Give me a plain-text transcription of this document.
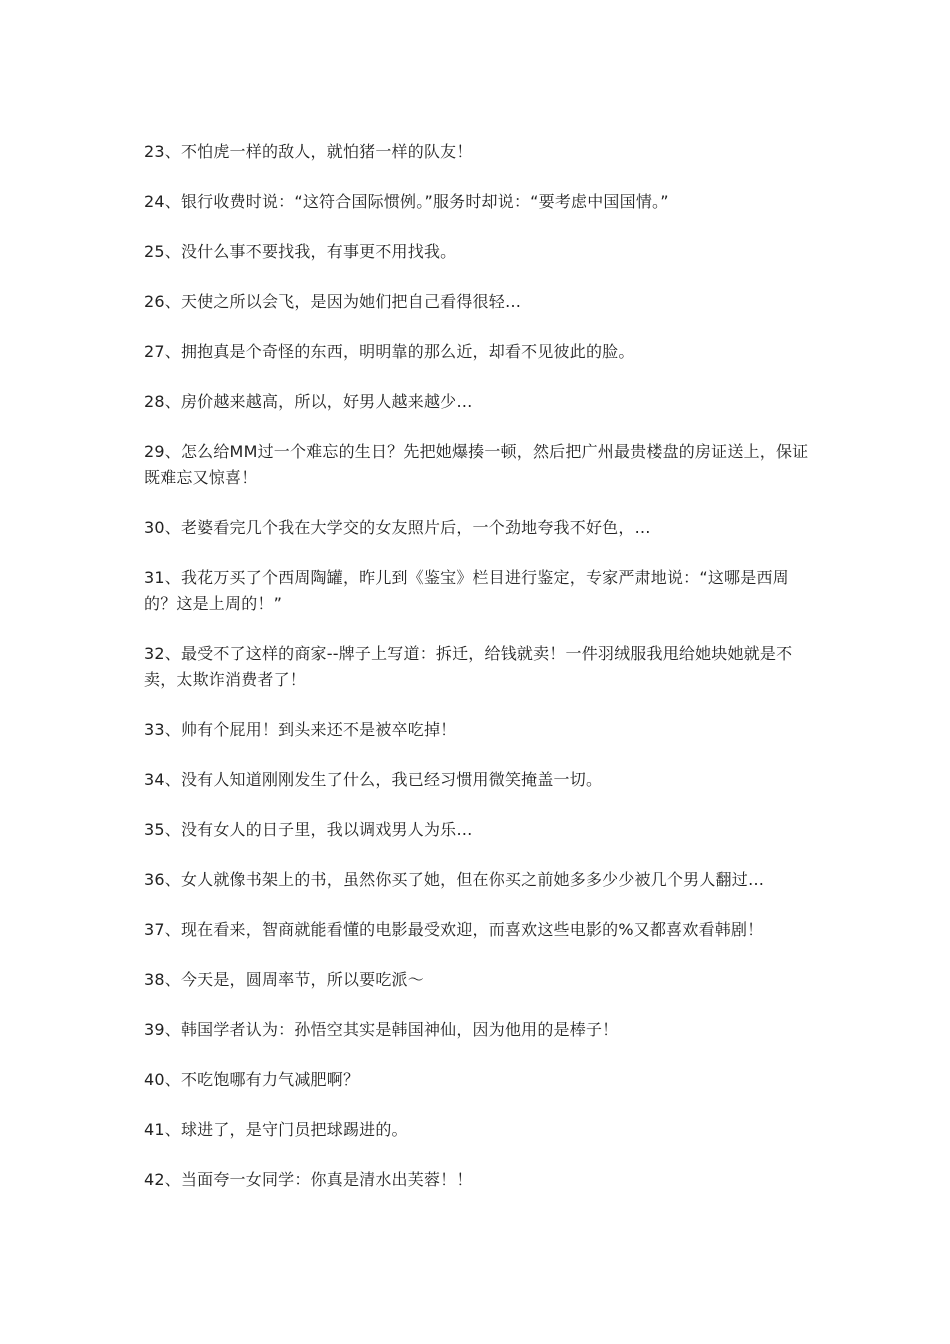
23、不怕虎一样的敌人，就怕猪一样的队友！

24、银行收费时说：“这符合国际惯例。”服务时却说：“要考虑中国国情。”

25、没什么事不要找我，有事更不用找我。

26、天使之所以会飞，是因为她们把自己看得很轻…

27、拥抱真是个奇怪的东西，明明靠的那么近，却看不见彼此的脸。

28、房价越来越高，所以，好男人越来越少…

29、怎么给MM过一个难忘的生日？先把她爆揍一顿，然后把广州最贵楼盘的房证送上，保证既难忘又惊喜！

30、老婆看完几个我在大学交的女友照片后，一个劲地夸我不好色，…

31、我花万买了个西周陶罐，昨儿到《鉴宝》栏目进行鉴定，专家严肃地说：“这哪是西周的？这是上周的！”

32、最受不了这样的商家--牌子上写道：拆迁，给钱就卖！一件羽绒服我甩给她块她就是不卖，太欺诈消费者了！

33、帅有个屁用！到头来还不是被卒吃掉！

34、没有人知道刚刚发生了什么，我已经习惯用微笑掩盖一切。

35、没有女人的日子里，我以调戏男人为乐…

36、女人就像书架上的书，虽然你买了她，但在你买之前她多多少少被几个男人翻过…

37、现在看来，智商就能看懂的电影最受欢迎，而喜欢这些电影的%又都喜欢看韩剧！

38、今天是，圆周率节，所以要吃派～

39、韩国学者认为：孙悟空其实是韩国神仙，因为他用的是棒子！

40、不吃饱哪有力气减肥啊？

41、球进了，是守门员把球踢进的。

42、当面夸一女同学：你真是清水出芙蓉！！
